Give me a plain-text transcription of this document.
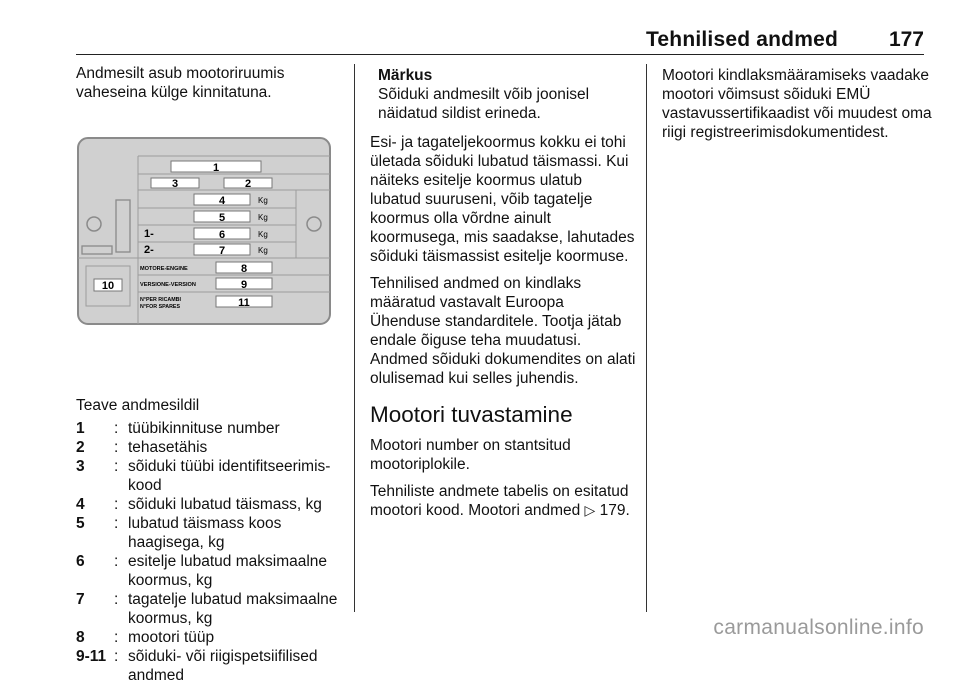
Tehnilised andmed 177

Andmesilt asub mootoriruumis vaheseina külge kinnitatuna.

1
3	2
4	Kg
5	Kg
1-	6	Kg
2-	7	Kg
MOTORE-ENGINE	8
VERSIONE-VERSION	9
10
N°PER RICAMBI
N°FOR SPARES	11
Teave andmesildil
1	: tüübikinnituse number
2	: tehasetähis
3	: sõiduki tüübi identifitseerimis-kood
4	: sõiduki lubatud täismass, kg
5	: lubatud täismass koos haagisega, kg
6	: esitelje lubatud maksimaalne koormus, kg
7	: tagatelje lubatud maksimaalne koormus, kg
8	: mootori tüüp
9-11 : sõiduki- või riigispetsiifilised andmed
Märkus
Sõiduki andmesilt võib joonisel näidatud sildist erineda.

Esi- ja tagateljekoormus kokku ei tohi ületada sõiduki lubatud täismassi. Kui näiteks esitelje koormus ulatub lubatud suuruseni, võib tagatelje koormus olla võrdne ainult koormusega, mis saadakse, lahutades sõiduki täismassist esitelje koormuse.

Tehnilised andmed on kindlaks määratud vastavalt Euroopa Ühenduse standarditele. Tootja jätab endale õiguse teha muudatusi. Andmed sõiduki dokumendites on alati olulisemad kui selles juhendis.

Mootori tuvastamine

Mootori number on stantsitud mootoriplokile.

Tehniliste andmete tabelis on esitatud mootori kood. Mootori andmed ▷ 179.

Mootori kindlaksmääramiseks vaadake mootori võimsust sõiduki EMÜ vastavussertifikaadist või muudest oma riigi registreerimisdokumentidest.

carmanualsonline.info
